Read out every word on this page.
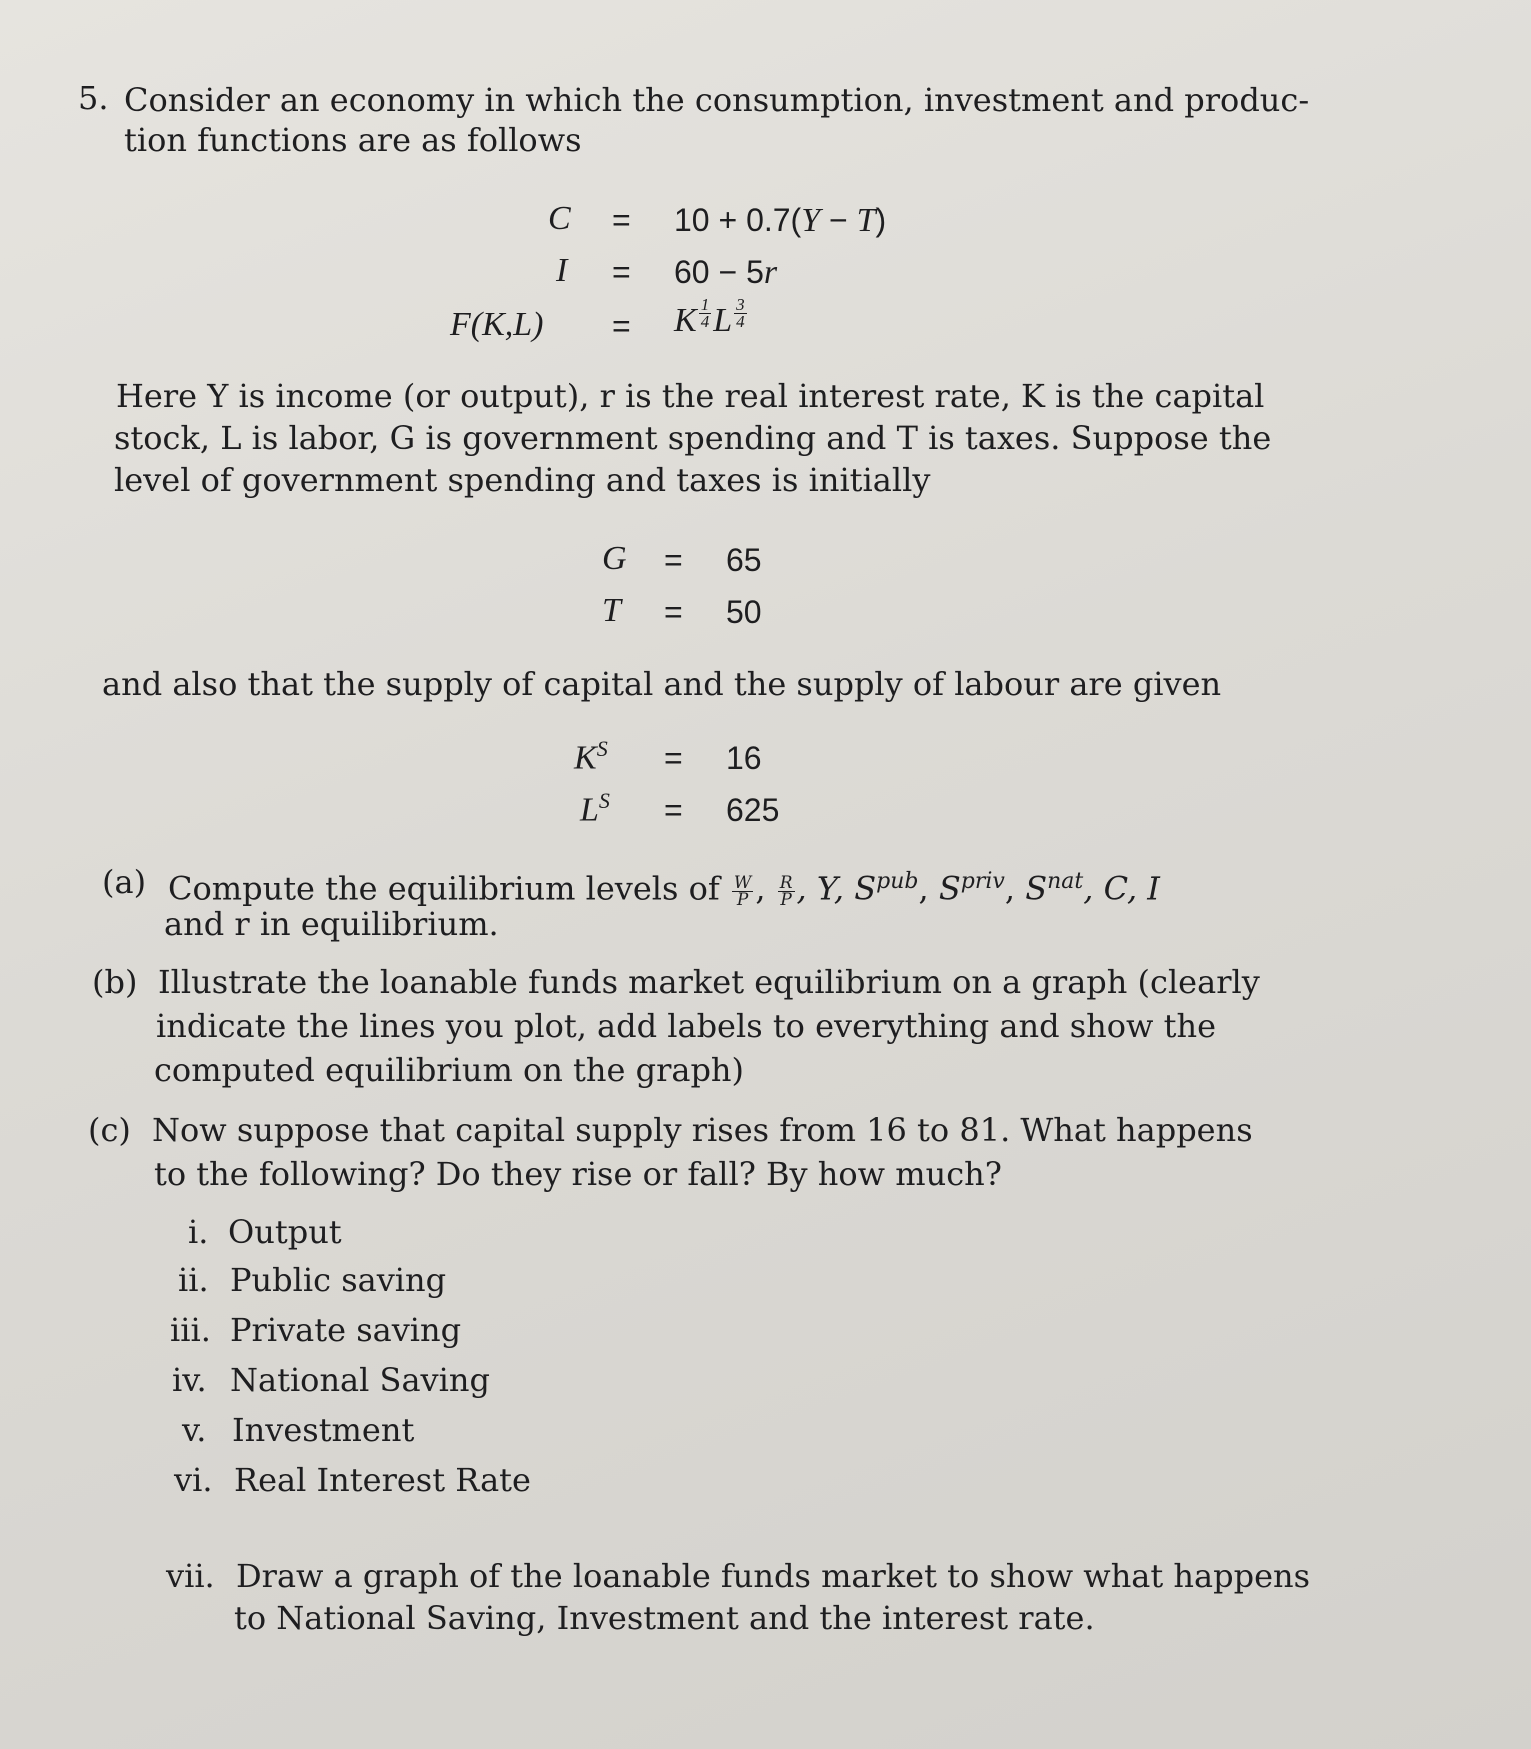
5. Consider an economy in which the consumption, investment and produc-
tion functions are as follows
C = 10 + 0.7(Y − T)
I = 60 − 5r
F(K,L) = K $\frac{1}{4}$ L $\frac{3}{4}$
Here Y is income (or output), r is the real interest rate, K is the capital
stock, L is labor, G is government spending and T is taxes. Suppose the
level of government spending and taxes is initially
G = 65
T = 50
and also that the supply of capital and the supply of labour are given
$K^S = 16$
$L^S = 625$
(a) Compute the equilibrium levels of $\frac{W}{P}$ , $\frac{R}{P}$ , Y, $S^{pub}$, $S^{priv}$, $S^{nat}$, C, I
and r in equilibrium.
(b) Illustrate the loanable funds market equilibrium on a graph (clearly
indicate the lines you plot, add labels to everything and show the
computed equilibrium on the graph)
(c) Now suppose that capital supply rises from 16 to 81. What happens
to the following? Do they rise or fall? By how much?
i. Output
ii. Public saving
iii. Private saving
iv. National Saving
v. Investment
vi. Real Interest Rate
vii. Draw a graph of the loanable funds market to show what happens
to National Saving, Investment and the interest rate.
